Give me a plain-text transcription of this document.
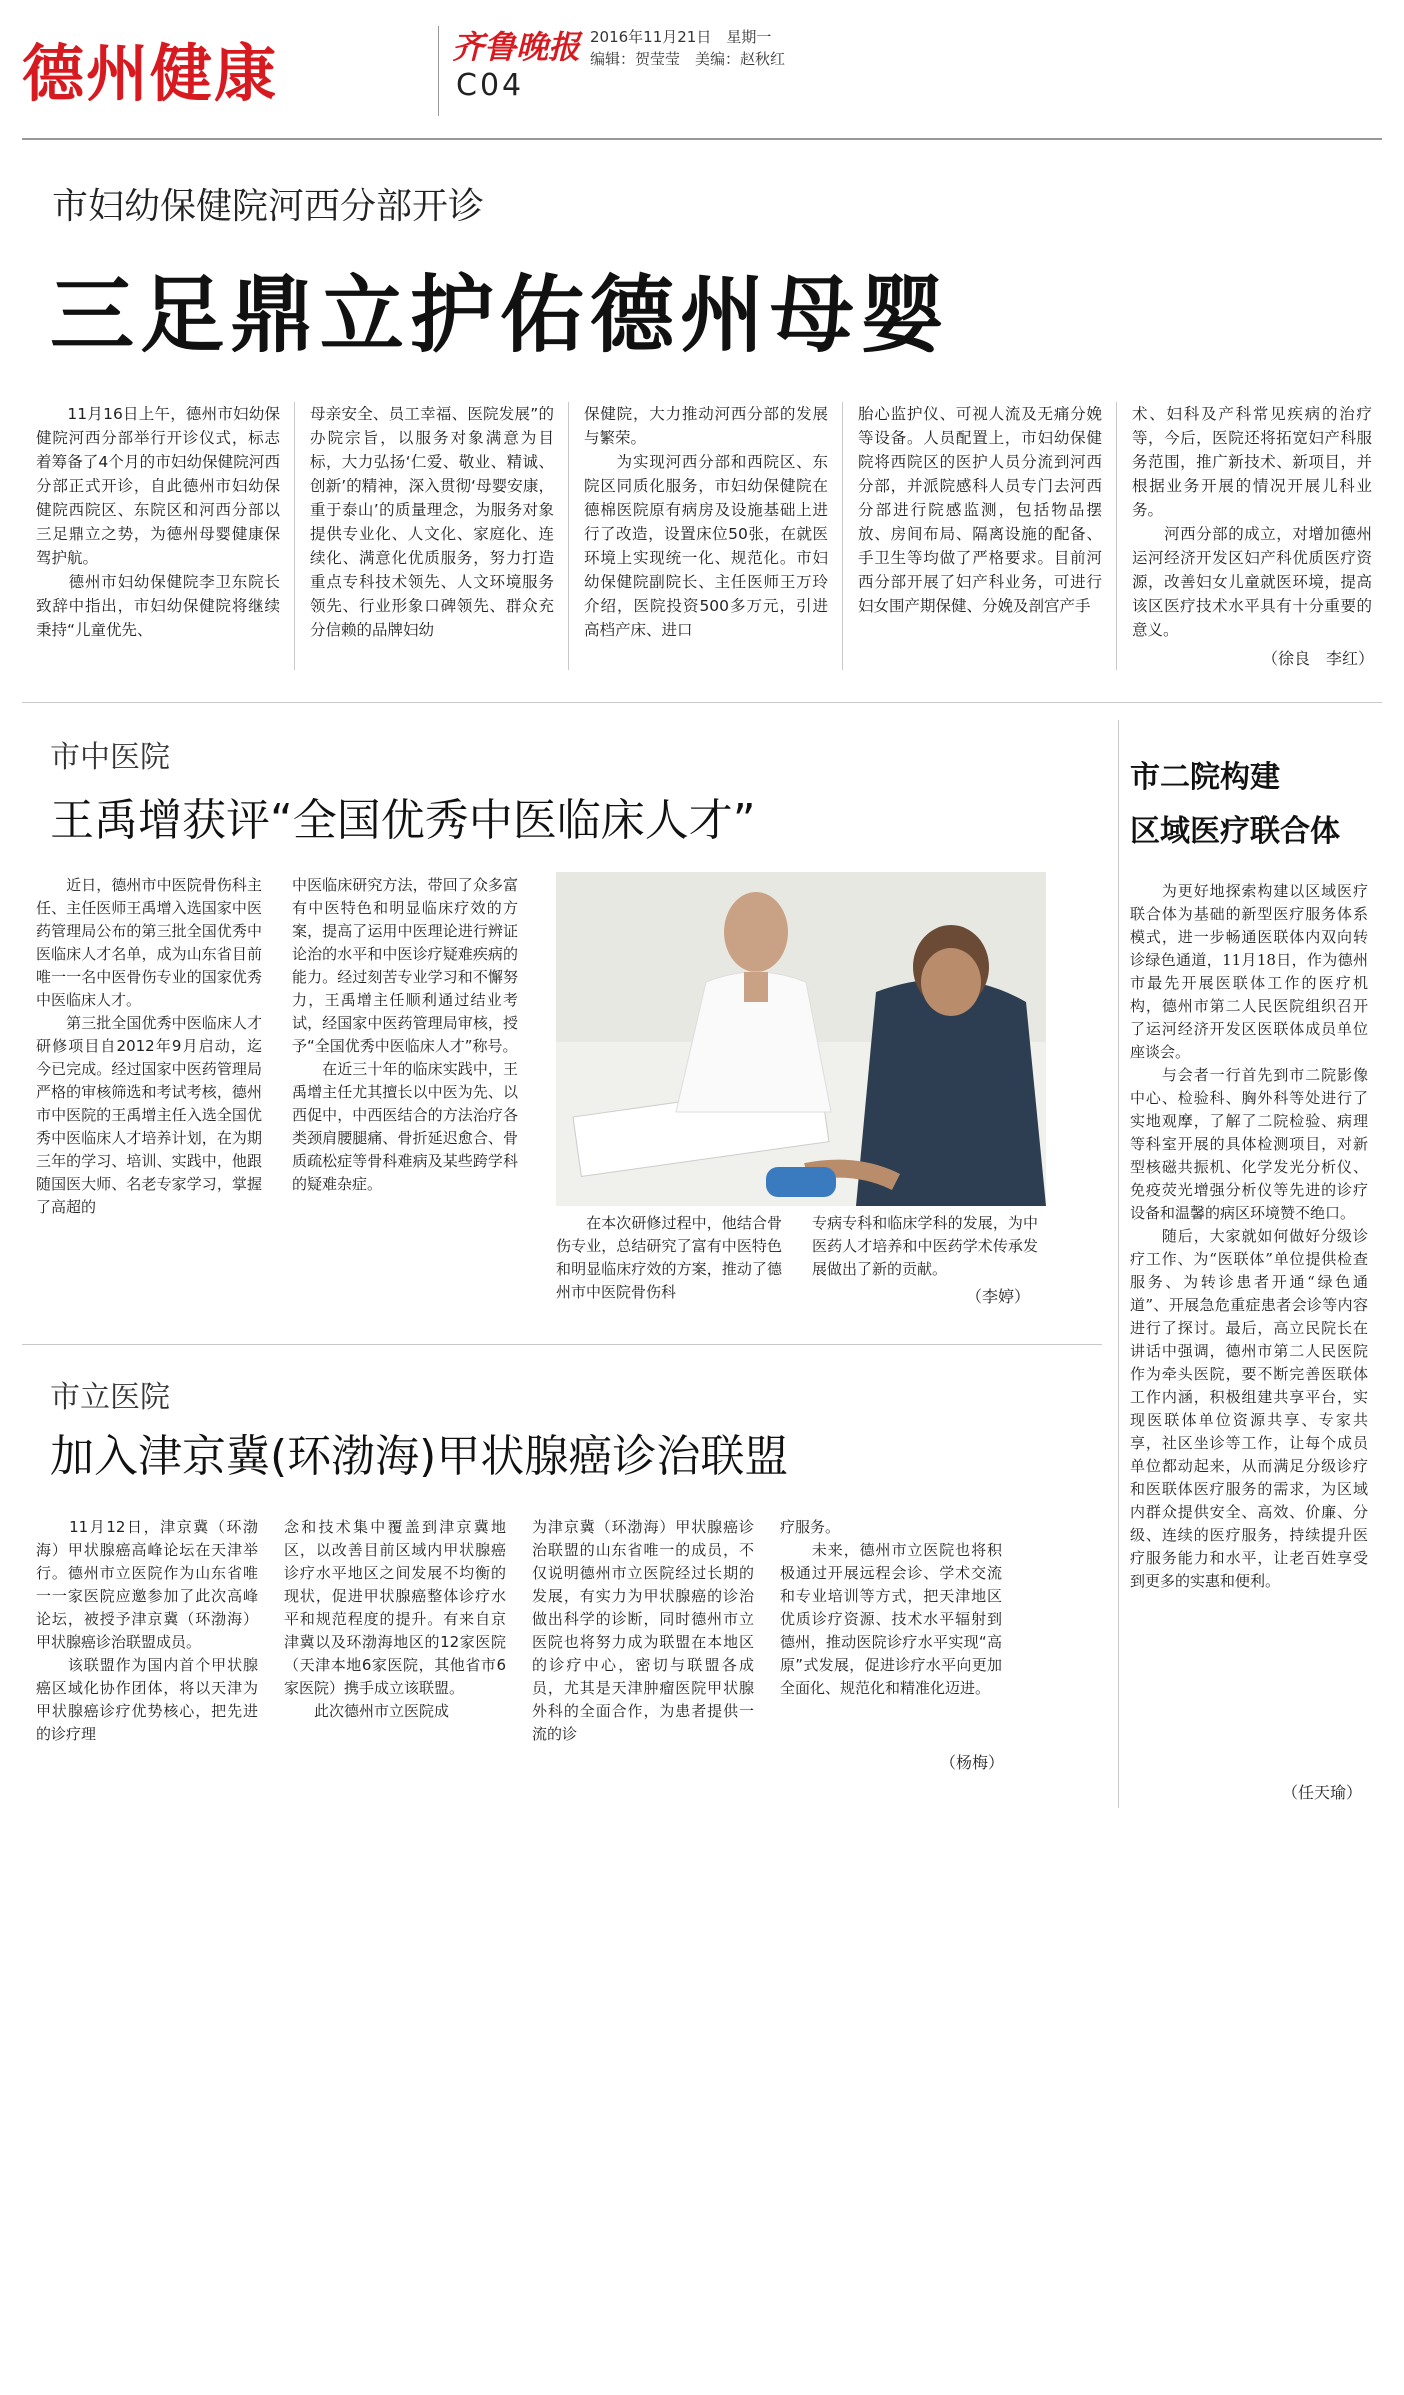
德州健康	齐鲁晚报
C04
2016年11月21日　星期一
编辑：贺莹莹　美编：赵秋红
市妇幼保健院河西分部开诊
三足鼎立护佑德州母婴
　　11月16日上午，德州市妇幼保健院河西分部举行开诊仪式，标志着筹备了4个月的市妇幼保健院河西分部正式开诊，自此德州市妇幼保健院西院区、东院区和河西分部以三足鼎立之势，为德州母婴健康保驾护航。
　　德州市妇幼保健院李卫东院长致辞中指出，市妇幼保健院将继续秉持“儿童优先、
母亲安全、员工幸福、医院发展”的办院宗旨，以服务对象满意为目标，大力弘扬‘仁爱、敬业、精诚、创新’的精神，深入贯彻‘母婴安康，重于泰山’的质量理念，为服务对象提供专业化、人文化、家庭化、连续化、满意化优质服务，努力打造重点专科技术领先、人文环境服务领先、行业形象口碑领先、群众充分信赖的品牌妇幼
保健院，大力推动河西分部的发展与繁荣。
　　为实现河西分部和西院区、东院区同质化服务，市妇幼保健院在德棉医院原有病房及设施基础上进行了改造，设置床位50张，在就医环境上实现统一化、规范化。市妇幼保健院副院长、主任医师王万玲介绍，医院投资500多万元，引进高档产床、进口
胎心监护仪、可视人流及无痛分娩等设备。人员配置上，市妇幼保健院将西院区的医护人员分流到河西分部，并派院感科人员专门去河西分部进行院感监测，包括物品摆放、房间布局、隔离设施的配备、手卫生等均做了严格要求。目前河西分部开展了妇产科业务，可进行妇女围产期保健、分娩及剖宫产手
术、妇科及产科常见疾病的治疗等，今后，医院还将拓宽妇产科服务范围，推广新技术、新项目，并根据业务开展的情况开展儿科业务。
　　河西分部的成立，对增加德州运河经济开发区妇产科优质医疗资源，改善妇女儿童就医环境，提高该区医疗技术水平具有十分重要的意义。
（徐良　李红）
市中医院
王禹增获评“全国优秀中医临床人才”
　　近日，德州市中医院骨伤科主任、主任医师王禹增入选国家中医药管理局公布的第三批全国优秀中医临床人才名单，成为山东省目前唯一一名中医骨伤专业的国家优秀中医临床人才。
　　第三批全国优秀中医临床人才研修项目自2012年9月启动，迄今已完成。经过国家中医药管理局严格的审核筛选和考试考核，德州市中医院的王禹增主任入选全国优秀中医临床人才培养计划，在为期三年的学习、培训、实践中，他跟随国医大师、名老专家学习，掌握了高超的
中医临床研究方法，带回了众多富有中医特色和明显临床疗效的方案，提高了运用中医理论进行辨证论治的水平和中医诊疗疑难疾病的能力。经过刻苦专业学习和不懈努力，王禹增主任顺利通过结业考试，经国家中医药管理局审核，授予“全国优秀中医临床人才”称号。
　　在近三十年的临床实践中，王禹增主任尤其擅长以中医为先、以西促中，中西医结合的方法治疗各类颈肩腰腿痛、骨折延迟愈合、骨质疏松症等骨科难病及某些跨学科的疑难杂症。
　　在本次研修过程中，他结合骨伤专业，总结研究了富有中医特色和明显临床疗效的方案，推动了德州市中医院骨伤科
专病专科和临床学科的发展，为中医药人才培养和中医药学术传承发展做出了新的贡献。
（李婷）
市立医院
加入津京冀(环渤海)甲状腺癌诊治联盟
　　11月12日，津京冀（环渤海）甲状腺癌高峰论坛在天津举行。德州市立医院作为山东省唯一一家医院应邀参加了此次高峰论坛，被授予津京冀（环渤海）甲状腺癌诊治联盟成员。
　　该联盟作为国内首个甲状腺癌区域化协作团体，将以天津为甲状腺癌诊疗优势核心，把先进的诊疗理
念和技术集中覆盖到津京冀地区，以改善目前区域内甲状腺癌诊疗水平地区之间发展不均衡的现状，促进甲状腺癌整体诊疗水平和规范程度的提升。有来自京津冀以及环渤海地区的12家医院（天津本地6家医院，其他省市6家医院）携手成立该联盟。
　　此次德州市立医院成
为津京冀（环渤海）甲状腺癌诊治联盟的山东省唯一的成员，不仅说明德州市立医院经过长期的发展，有实力为甲状腺癌的诊治做出科学的诊断，同时德州市立医院也将努力成为联盟在本地区的诊疗中心，密切与联盟各成员，尤其是天津肿瘤医院甲状腺外科的全面合作，为患者提供一流的诊
疗服务。
　　未来，德州市立医院也将积极通过开展远程会诊、学术交流和专业培训等方式，把天津地区优质诊疗资源、技术水平辐射到德州，推动医院诊疗水平实现“高原”式发展，促进诊疗水平向更加全面化、规范化和精准化迈进。
（杨梅）
市二院构建
区域医疗联合体
　　为更好地探索构建以区域医疗联合体为基础的新型医疗服务体系模式，进一步畅通医联体内双向转诊绿色通道，11月18日，作为德州市最先开展医联体工作的医疗机构，德州市第二人民医院组织召开了运河经济开发区医联体成员单位座谈会。
　　与会者一行首先到市二院影像中心、检验科、胸外科等处进行了实地观摩，了解了二院检验、病理等科室开展的具体检测项目，对新型核磁共振机、化学发光分析仪、免疫荧光增强分析仪等先进的诊疗设备和温馨的病区环境赞不绝口。
　　随后，大家就如何做好分级诊疗工作、为“医联体”单位提供检查服务、为转诊患者开通“绿色通道”、开展急危重症患者会诊等内容进行了探讨。最后，高立民院长在讲话中强调，德州市第二人民医院作为牵头医院，要不断完善医联体工作内涵，积极组建共享平台，实现医联体单位资源共享、专家共享，社区坐诊等工作，让每个成员单位都动起来，从而满足分级诊疗和医联体医疗服务的需求，为区域内群众提供安全、高效、价廉、分级、连续的医疗服务，持续提升医疗服务能力和水平，让老百姓享受到更多的实惠和便利。
（任天瑜）
